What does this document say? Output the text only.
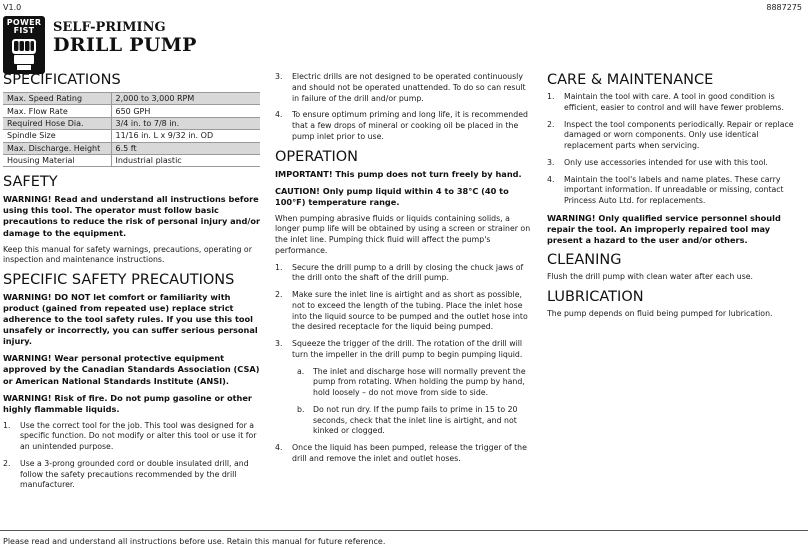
V1.0	8887275
POWER
FIST SELF-PRIMING
DRILL PUMP
SPECIFICATIONS
Max. Speed Rating	2,000 to 3,000 RPM
Max. Flow Rate	650 GPH
Required Hose Dia.	3/4 in. to 7/8 in.
Spindle Size	11/16 in. L x 9/32 in. OD
Max. Discharge. Height	6.5 ft
Housing Material	Industrial plastic
SAFETY

WARNING! Read and understand all instructions before using this tool. The operator must follow basic precautions to reduce the risk of personal injury and/or damage to the equipment.

Keep this manual for safety warnings, precautions, operating or inspection and maintenance instructions.

SPECIFIC SAFETY PRECAUTIONS

WARNING! DO NOT let comfort or familiarity with product (gained from repeated use) replace strict adherence to the tool safety rules. If you use this tool unsafely or incorrectly, you can suffer serious personal injury.

WARNING! Wear personal protective equipment approved by the Canadian Standards Association (CSA) or American National Standards Institute (ANSI).

WARNING! Risk of fire. Do not pump gasoline or other highly flammable liquids.

1. Use the correct tool for the job. This tool was designed for a specific function. Do not modify or alter this tool or use it for an unintended purpose.
2. Use a 3-prong grounded cord or double insulated drill, and follow the safety precautions recommended by the drill manufacturer.
3. Electric drills are not designed to be operated continuously and should not be operated unattended. To do so can result in failure of the drill and/or pump.
4. To ensure optimum priming and long life, it is recommended that a few drops of mineral or cooking oil be placed in the pump inlet prior to use.
OPERATION

IMPORTANT! This pump does not turn freely by hand.

CAUTION! Only pump liquid within 4 to 38°C (40 to 100°F) temperature range.

When pumping abrasive fluids or liquids containing solids, a longer pump life will be obtained by using a screen or strainer on the inlet line. Pumping thick fluid will affect the pump's performance.

1. Secure the drill pump to a drill by closing the chuck jaws of the drill onto the shaft of the drill pump.
2. Make sure the inlet line is airtight and as short as possible, not to exceed the length of the tubing. Place the inlet hose into the liquid source to be pumped and the outlet hose into the desired receptacle for the liquid being pumped.
3. Squeeze the trigger of the drill. The rotation of the drill will turn the impeller in the drill pump to begin pumping liquid.
a. The inlet and discharge hose will normally prevent the pump from rotating. When holding the pump by hand, hold loosely – do not move from side to side.
b. Do not run dry. If the pump fails to prime in 15 to 20 seconds, check that the inlet line is airtight, and not kinked or clogged.
4. Once the liquid has been pumped, release the trigger of the drill and remove the inlet and outlet hoses.
CARE & MAINTENANCE
1. Maintain the tool with care. A tool in good condition is efficient, easier to control and will have fewer problems.
2. Inspect the tool components periodically. Repair or replace damaged or worn components. Only use identical replacement parts when servicing.
3. Only use accessories intended for use with this tool.
4. Maintain the tool's labels and name plates. These carry important information. If unreadable or missing, contact Princess Auto Ltd. for replacements.

WARNING! Only qualified service personnel should repair the tool. An improperly repaired tool may present a hazard to the user and/or others.

CLEANING

Flush the drill pump with clean water after each use.

LUBRICATION

The pump depends on fluid being pumped for lubrication.

Please read and understand all instructions before use. Retain this manual for future reference.
